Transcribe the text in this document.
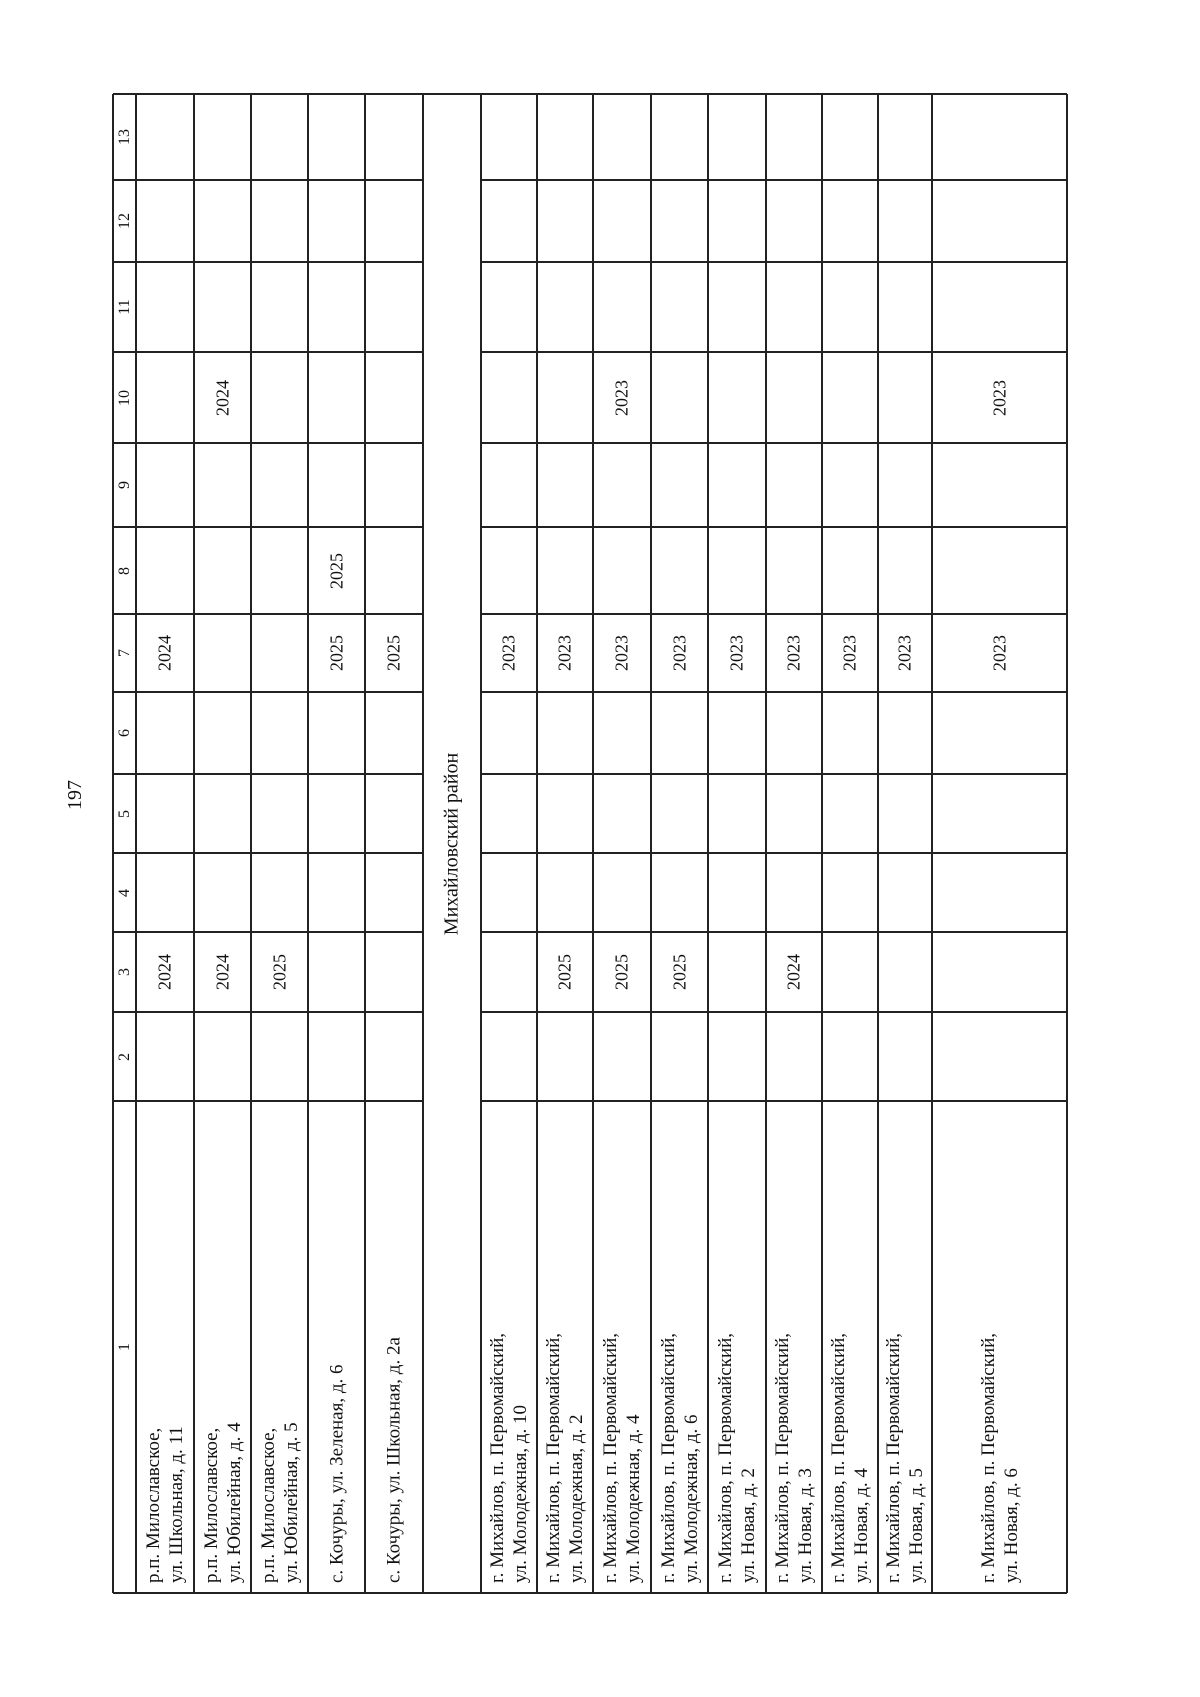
197
13
12
11
10
9
8
7
6
5
4
3
2
1
р.п. Милославское, ул. Школьная, д. 11
2024
2024
р.п. Милославское, ул. Юбилейная, д. 4
2024
2024
р.п. Милославское, ул. Юбилейная, д. 5
2025
с. Кочуры, ул. Зеленая, д. 6
2025
2025
с. Кочуры, ул. Школьная, д. 2а
2025
Михайловский район
г. Михайлов, п. Первомайский, ул. Молодежная, д. 10
2023
г. Михайлов, п. Первомайский, ул. Молодежная, д. 2
2025
2023
г. Михайлов, п. Первомайский, ул. Молодежная, д. 4
2025
2023
2023
г. Михайлов, п. Первомайский, ул. Молодежная, д. 6
2025
2023
г. Михайлов, п. Первомайский, ул. Новая, д. 2
2023
г. Михайлов, п. Первомайский, ул. Новая, д. 3
2024
2023
г. Михайлов, п. Первомайский, ул. Новая, д. 4
2023
г. Михайлов, п. Первомайский, ул. Новая, д. 5
2023
г. Михайлов, п. Первомайский, ул. Новая, д. 6
2023
2023
